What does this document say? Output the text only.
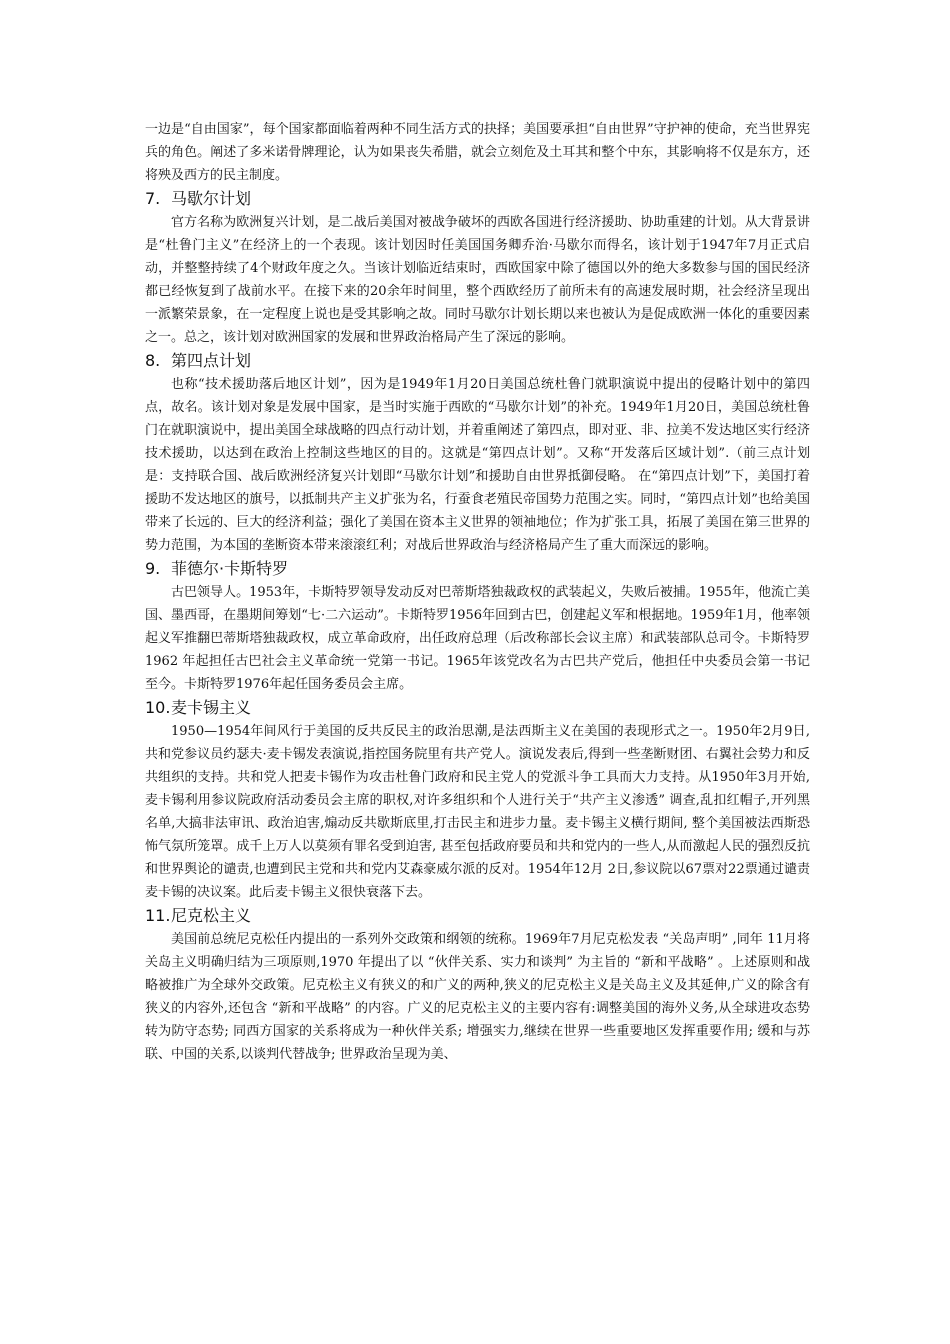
一边是“自由国家”，每个国家都面临着两种不同生活方式的抉择；美国要承担“自由世界”守护神的使命，充当世界宪兵的角色。阐述了多米诺骨牌理论，认为如果丧失希腊，就会立刻危及土耳其和整个中东，其影响将不仅是东方，还将殃及西方的民主制度。

7. 马歇尔计划

官方名称为欧洲复兴计划，是二战后美国对被战争破坏的西欧各国进行经济援助、协助重建的计划。从大背景讲是“杜鲁门主义”在经济上的一个表现。该计划因时任美国国务卿乔治·马歇尔而得名，该计划于1947年7月正式启动，并整整持续了4个财政年度之久。当该计划临近结束时，西欧国家中除了德国以外的绝大多数参与国的国民经济都已经恢复到了战前水平。在接下来的20余年时间里，整个西欧经历了前所未有的高速发展时期，社会经济呈现出一派繁荣景象，在一定程度上说也是受其影响之故。同时马歇尔计划长期以来也被认为是促成欧洲一体化的重要因素之一。总之，该计划对欧洲国家的发展和世界政治格局产生了深远的影响。

8. 第四点计划

也称“技术援助落后地区计划”，因为是1949年1月20日美国总统杜鲁门就职演说中提出的侵略计划中的第四点，故名。该计划对象是发展中国家，是当时实施于西欧的“马歇尔计划”的补充。1949年1月20日，美国总统杜鲁门在就职演说中，提出美国全球战略的四点行动计划，并着重阐述了第四点，即对亚、非、拉美不发达地区实行经济技术援助，以达到在政治上控制这些地区的目的。这就是“第四点计划”。又称“开发落后区域计划”.（前三点计划是：支持联合国、战后欧洲经济复兴计划即“马歇尔计划”和援助自由世界抵御侵略。 在“第四点计划”下，美国打着援助不发达地区的旗号，以抵制共产主义扩张为名，行蚕食老殖民帝国势力范围之实。同时，“第四点计划”也给美国带来了长远的、巨大的经济利益；强化了美国在资本主义世界的领袖地位；作为扩张工具，拓展了美国在第三世界的势力范围，为本国的垄断资本带来滚滚红利；对战后世界政治与经济格局产生了重大而深远的影响。

9. 菲德尔·卡斯特罗

古巴领导人。1953年，卡斯特罗领导发动反对巴蒂斯塔独裁政权的武装起义，失败后被捕。1955年，他流亡美国、墨西哥，在墨期间筹划“七·二六运动”。卡斯特罗1956年回到古巴，创建起义军和根据地。1959年1月，他率领起义军推翻巴蒂斯塔独裁政权，成立革命政府，出任政府总理（后改称部长会议主席）和武装部队总司令。卡斯特罗 1962 年起担任古巴社会主义革命统一党第一书记。1965年该党改名为古巴共产党后，他担任中央委员会第一书记至今。卡斯特罗1976年起任国务委员会主席。

10.麦卡锡主义

1950—1954年间风行于美国的反共反民主的政治思潮,是法西斯主义在美国的表现形式之一。1950年2月9日,共和党参议员约瑟夫·麦卡锡发表演说,指控国务院里有共产党人。演说发表后,得到一些垄断财团、右翼社会势力和反共组织的支持。共和党人把麦卡锡作为攻击杜鲁门政府和民主党人的党派斗争工具而大力支持。从1950年3月开始,麦卡锡利用参议院政府活动委员会主席的职权,对许多组织和个人进行关于“共产主义渗透” 调查,乱扣红帽子,开列黑名单,大搞非法审讯、政治迫害,煽动反共歇斯底里,打击民主和进步力量。麦卡锡主义横行期间, 整个美国被法西斯恐怖气氛所笼罩。成千上万人以莫须有罪名受到迫害, 甚至包括政府要员和共和党内的一些人,从而激起人民的强烈反抗和世界舆论的谴责,也遭到民主党和共和党内艾森豪威尔派的反对。1954年12月 2日,参议院以67票对22票通过谴责麦卡锡的决议案。此后麦卡锡主义很快衰落下去。

11.尼克松主义

美国前总统尼克松任内提出的一系列外交政策和纲领的统称。1969年7月尼克松发表 “关岛声明” ,同年 11月将关岛主义明确归结为三项原则,1970 年提出了以 “伙伴关系、实力和谈判” 为主旨的 “新和平战略” 。上述原则和战略被推广为全球外交政策。尼克松主义有狭义的和广义的两种,狭义的尼克松主义是关岛主义及其延伸,广义的除含有狭义的内容外,还包含 “新和平战略” 的内容。广义的尼克松主义的主要内容有:调整美国的海外义务,从全球进攻态势转为防守态势; 同西方国家的关系将成为一种伙伴关系; 增强实力,继续在世界一些重要地区发挥重要作用; 缓和与苏联、中国的关系,以谈判代替战争; 世界政治呈现为美、
